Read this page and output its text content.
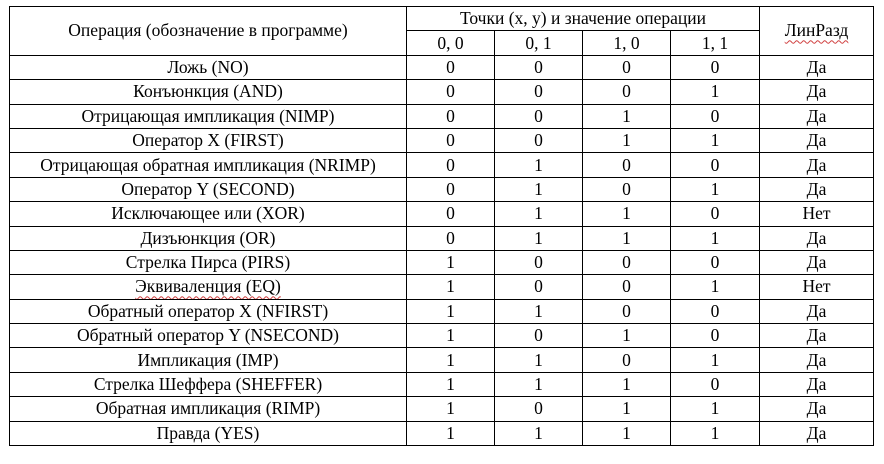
Операция (обозначение в программе)	Точки (x, y) и значение операции				ЛинРазд
	0, 0	0, 1	1, 0	1, 1	
Ложь (NO)	0	0	0	0	Да
Конъюнкция (AND)	0	0	0	1	Да
Отрицающая импликация (NIMP)	0	0	1	0	Да
Оператор X (FIRST)	0	0	1	1	Да
Отрицающая обратная импликация (NRIMP)	0	1	0	0	Да
Оператор Y (SECOND)	0	1	0	1	Да
Исключающее или (XOR)	0	1	1	0	Нет
Дизъюнкция (OR)	0	1	1	1	Да
Стрелка Пирса (PIRS)	1	0	0	0	Да
Эквиваленция (EQ)	1	0	0	1	Нет
Обратный оператор X (NFIRST)	1	1	0	0	Да
Обратный оператор Y (NSECOND)	1	0	1	0	Да
Импликация (IMP)	1	1	0	1	Да
Стрелка Шеффера (SHEFFER)	1	1	1	0	Да
Обратная импликация (RIMP)	1	0	1	1	Да
Правда (YES)	1	1	1	1	Да
